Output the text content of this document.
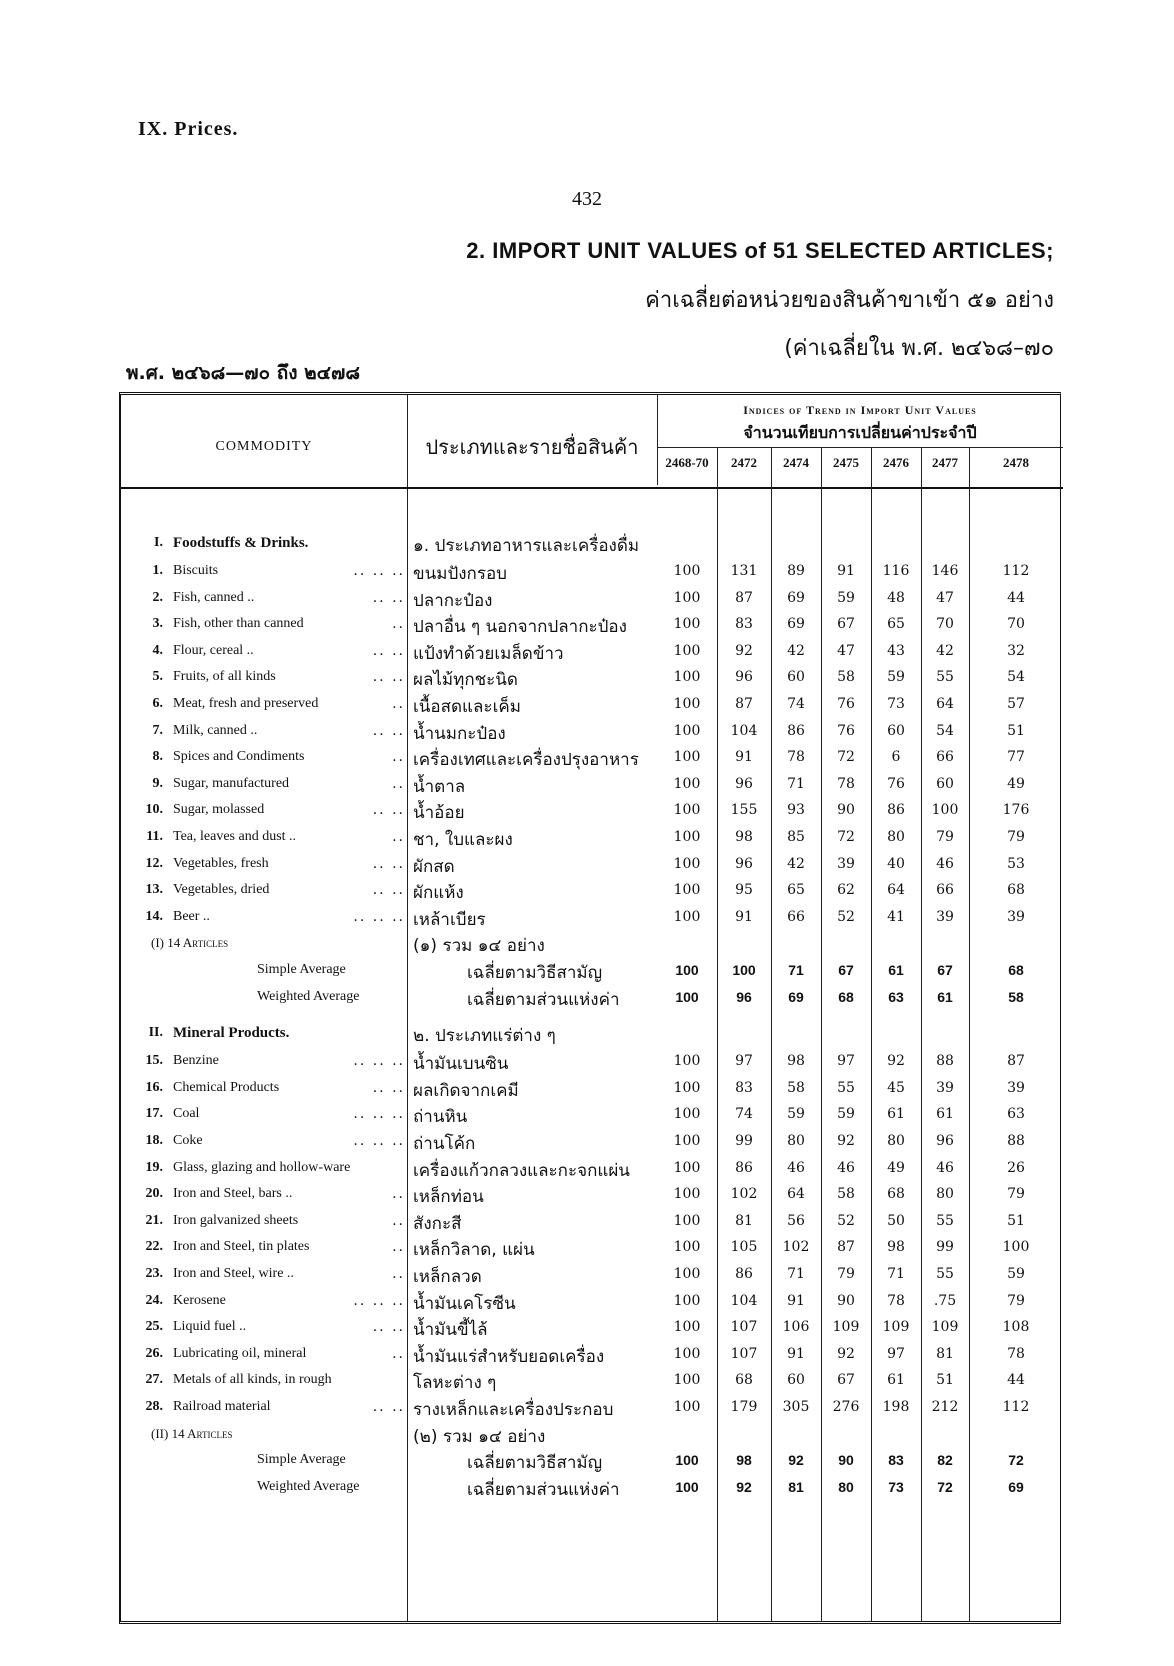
IX. Prices.
432
2. IMPORT UNIT VALUES of 51 SELECTED ARTICLES;
ค่าเฉลี่ยต่อหน่วยของสินค้าขาเข้า ๕๑ อย่าง
(ค่าเฉลี่ยใน พ.ศ. ๒๔๖๘–๗๐
พ.ศ. ๒๔๖๘—๗๐ ถึง ๒๔๗๘
COMMODITY	ประเภทและรายชื่อสินค้า
Indices of Trend in Import Unit Values
จำนวนเทียบการเปลี่ยนค่าประจำปี
2468-70	2472	2474	2475	2476	2477	2478
I. Foodstuffs & Drinks.	๑. ประเภทอาหารและเครื่องดื่ม
1. Biscuits	.. .. .. ขนมปังกรอบ	100	131	89	91	116	146	112
2. Fish, canned ..	.. .. ปลากะป๋อง	100	87	69	59	48	47	44
3. Fish, other than canned	.. ปลาอื่น ๆ นอกจากปลากะป๋อง	100	83	69	67	65	70	70
4. Flour, cereal ..	.. .. แป้งทำด้วยเมล็ดข้าว	100	92	42	47	43	42	32
5. Fruits, of all kinds	.. .. ผลไม้ทุกชะนิด	100	96	60	58	59	55	54
6. Meat, fresh and preserved	.. เนื้อสดและเค็ม	100	87	74	76	73	64	57
7. Milk, canned ..	.. .. น้ำนมกะป๋อง	100	104	86	76	60	54	51
8. Spices and Condiments	.. เครื่องเทศและเครื่องปรุงอาหาร	100	91	78	72	6	66	77
9. Sugar, manufactured	.. น้ำตาล	100	96	71	78	76	60	49
10. Sugar, molassed	.. .. น้ำอ้อย	100	155	93	90	86	100	176
11. Tea, leaves and dust ..	.. ชา, ใบและผง	100	98	85	72	80	79	79
12. Vegetables, fresh	.. .. ผักสด	100	96	42	39	40	46	53
13. Vegetables, dried	.. .. ผักแห้ง	100	95	65	62	64	66	68
14. Beer ..	.. .. .. เหล้าเบียร	100	91	66	52	41	39	39
(I) 14 Articles	(๑) รวม ๑๔ อย่าง
Simple Average	เฉลี่ยตามวิธีสามัญ	100	100	71	67	61	67	68
Weighted Average	เฉลี่ยตามส่วนแห่งค่า	100	96	69	68	63	61	58
II. Mineral Products.	๒. ประเภทแร่ต่าง ๆ
15. Benzine	.. .. .. น้ำมันเบนซิน	100	97	98	97	92	88	87
16. Chemical Products	.. .. ผลเกิดจากเคมี	100	83	58	55	45	39	39
17. Coal	.. .. .. ถ่านหิน	100	74	59	59	61	61	63
18. Coke	.. .. .. ถ่านโค้ก	100	99	80	92	80	96	88
19. Glass, glazing and hollow-ware	เครื่องแก้วกลวงและกะจกแผ่น	100	86	46	46	49	46	26
20. Iron and Steel, bars ..	.. เหล็กท่อน	100	102	64	58	68	80	79
21. Iron galvanized sheets	.. สังกะสี	100	81	56	52	50	55	51
22. Iron and Steel, tin plates	.. เหล็กวิลาด, แผ่น	100	105	102	87	98	99	100
23. Iron and Steel, wire ..	.. เหล็กลวด	100	86	71	79	71	55	59
24. Kerosene	.. .. .. น้ำมันเคโรซีน	100	104	91	90	78	.75	79
25. Liquid fuel ..	.. .. น้ำมันขี้ไล้	100	107	106	109	109	109	108
26. Lubricating oil, mineral	.. น้ำมันแร่สำหรับยอดเครื่อง	100	107	91	92	97	81	78
27. Metals of all kinds, in rough	โลหะต่าง ๆ	100	68	60	67	61	51	44
28. Railroad material	.. .. รางเหล็กและเครื่องประกอบ	100	179	305	276	198	212	112
(II) 14 Articles	(๒) รวม ๑๔ อย่าง
Simple Average	เฉลี่ยตามวิธีสามัญ	100	98	92	90	83	82	72
Weighted Average	เฉลี่ยตามส่วนแห่งค่า	100	92	81	80	73	72	69
